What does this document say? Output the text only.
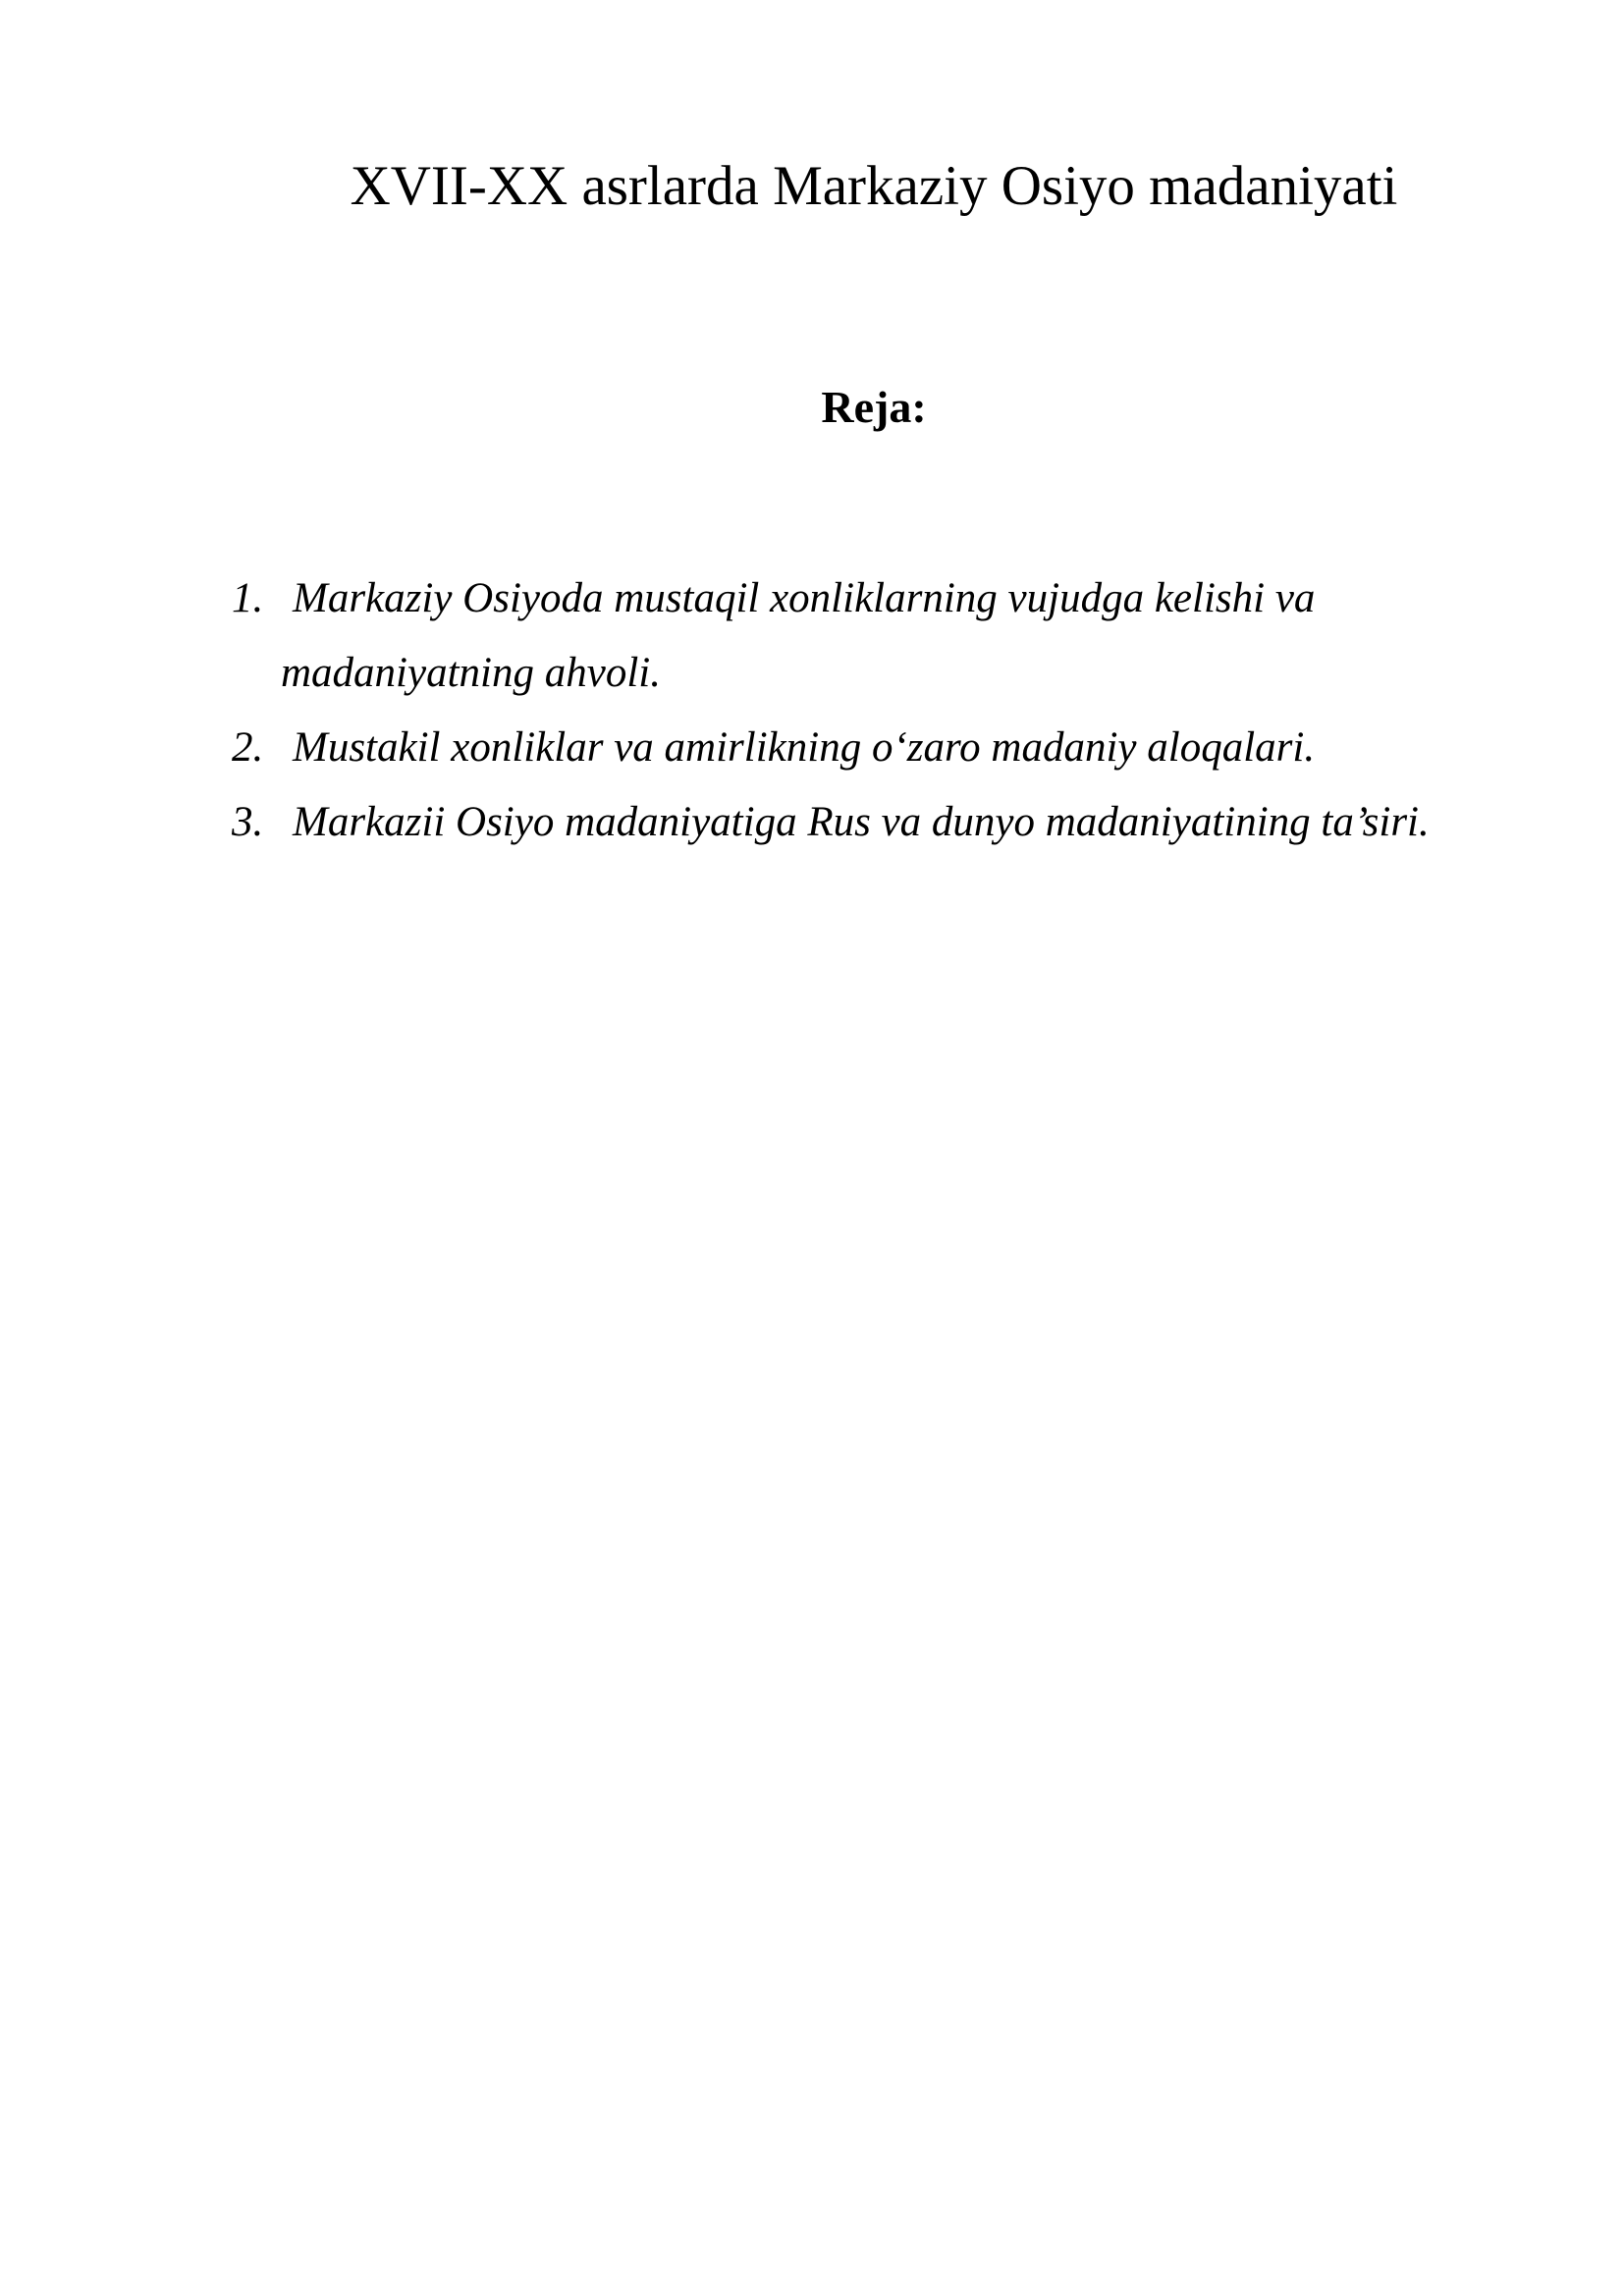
XVII-XX asrlarda Markaziy Osiyo madaniyati
Reja:
1. Markaziy Osiyoda mustaqil xonliklarning vujudga kelishi va
madaniyatning ahvoli.
2. Mustakil xonliklar va amirlikning o‘zaro madaniy aloqalari.
3. Markazii Osiyo madaniyatiga Rus va dunyo madaniyatining ta’siri.
